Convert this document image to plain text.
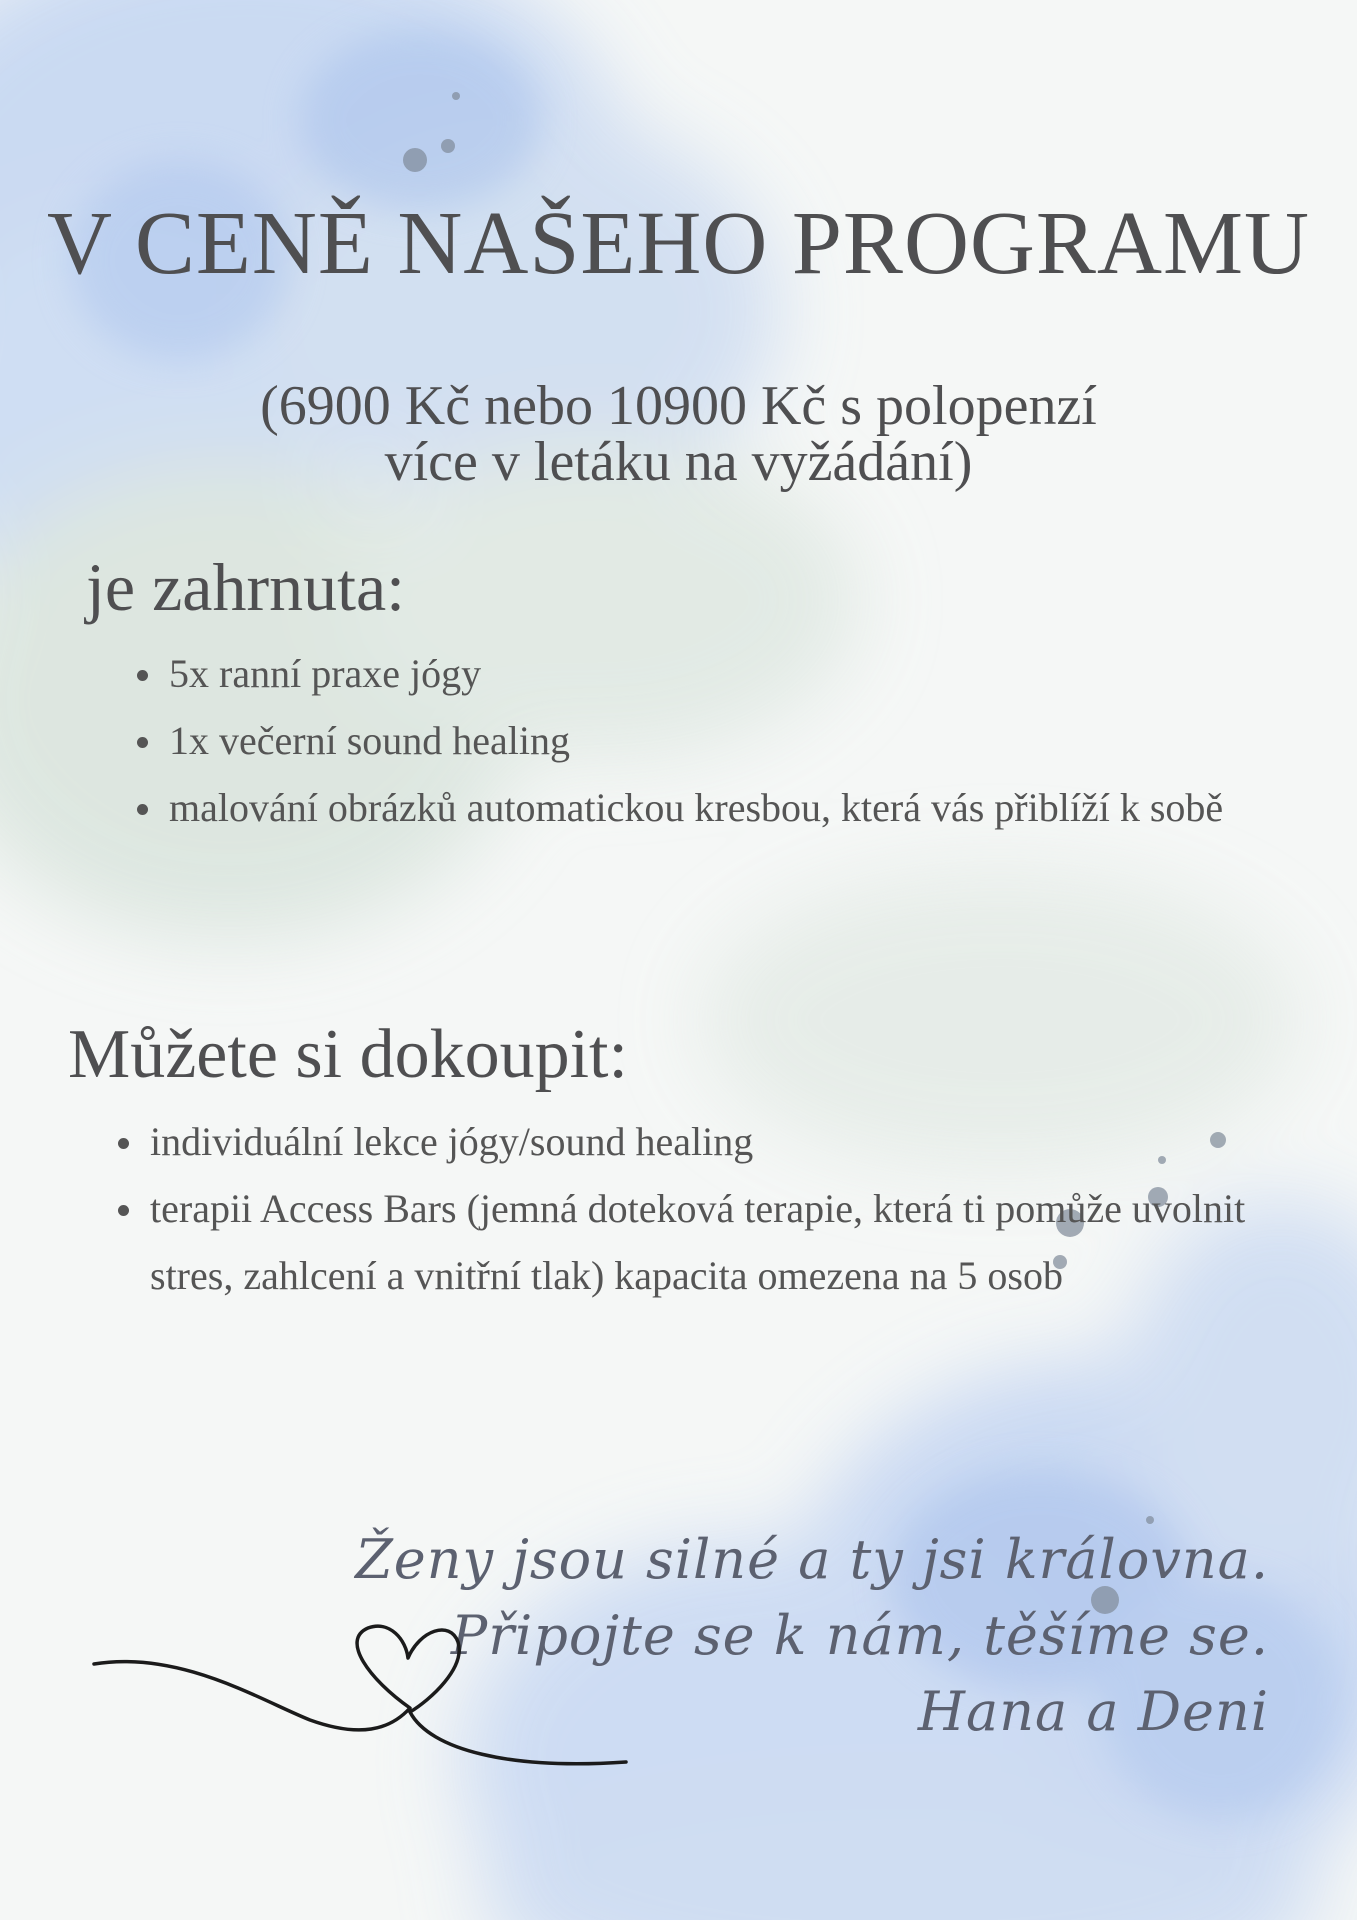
V CENĚ NAŠEHO PROGRAMU
(6900 Kč nebo 10900 Kč s polopenzí
více v letáku na vyžádání)
je zahrnuta:
5x ranní praxe jógy
1x večerní sound healing
malování obrázků automatickou kresbou, která vás přiblíží k sobě
Můžete si dokoupit:
individuální lekce jógy/sound healing
terapii Access Bars (jemná doteková terapie, která ti pomůže uvolnit stres, zahlcení a vnitřní tlak) kapacita omezena na 5 osob
Ženy jsou silné a ty jsi královna.
Připojte se k nám, těšíme se.
Hana a Deni
